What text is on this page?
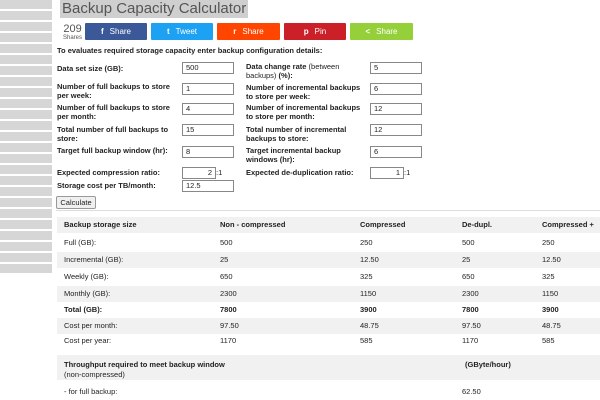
Backup Capacity Calculator
209
Shares
f Share	t Tweet	r Share	p Pin	< Share
To evaluates required storage capacity enter backup configuration details:
Data set size (GB):
500
Number of full backups to store per week:
1
Number of full backups to store per month:
4
Total number of full backups to store:
15
Target full backup window (hr):
8
Expected compression ratio:
2	:1
Storage cost per TB/month:
12.5
Data change rate (between backups) (%):
5
Number of incremental backups to store per week:
6
Number of incremental backups to store per month:
12
Total number of incremental backups to store:
12
Target incremental backup windows (hr):
6
Expected de-duplication ratio:
1	:1
Calculate
Backup storage size	Non - compressed	Compressed	De-dupl.	Compressed +
Full (GB):	500	250	500	250
Incremental (GB):	25	12.50	25	12.50
Weekly (GB):	650	325	650	325
Monthly (GB):	2300	1150	2300	1150
Total (GB):	7800	3900	7800	3900
Cost per month:	97.50	48.75	97.50	48.75
Cost per year:	1170	585	1170	585
Throughput required to meet backup window
(non-compressed)
(GByte/hour)
- for full backup:	62.50
